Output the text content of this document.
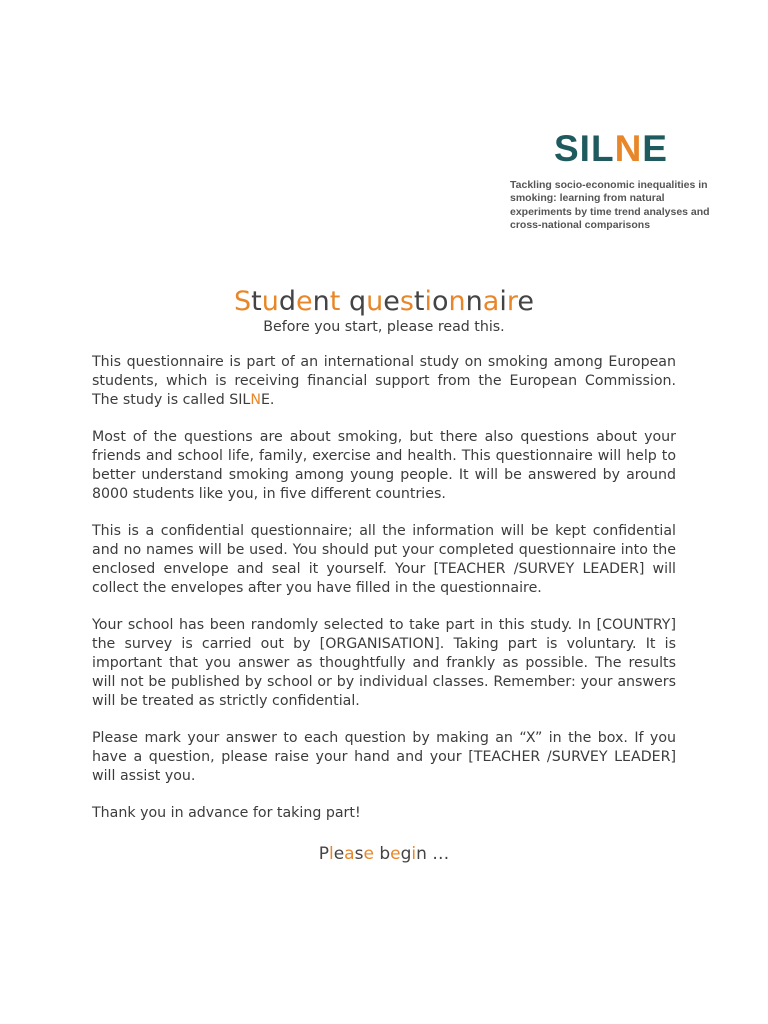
SILNE
Tackling socio-economic inequalities in smoking: learning from natural experiments by time trend analyses and cross-national comparisons
Student questionnaire
Before you start, please read this.

This questionnaire is part of an international study on smoking among European students, which is receiving financial support from the European Commission. The study is called SILNE.

Most of the questions are about smoking, but there also questions about your friends and school life, family, exercise and health. This questionnaire will help to better understand smoking among young people. It will be answered by around 8000 students like you, in five different countries.

This is a confidential questionnaire; all the information will be kept confidential and no names will be used. You should put your completed questionnaire into the enclosed envelope and seal it yourself. Your [TEACHER /SURVEY LEADER] will collect the envelopes after you have filled in the questionnaire.

Your school has been randomly selected to take part in this study. In [COUNTRY] the survey is carried out by [ORGANISATION]. Taking part is voluntary. It is important that you answer as thoughtfully and frankly as possible. The results will not be published by school or by individual classes. Remember: your answers will be treated as strictly confidential.

Please mark your answer to each question by making an “X” in the box. If you have a question, please raise your hand and your [TEACHER /SURVEY LEADER] will assist you.

Thank you in advance for taking part!

Please begin …
